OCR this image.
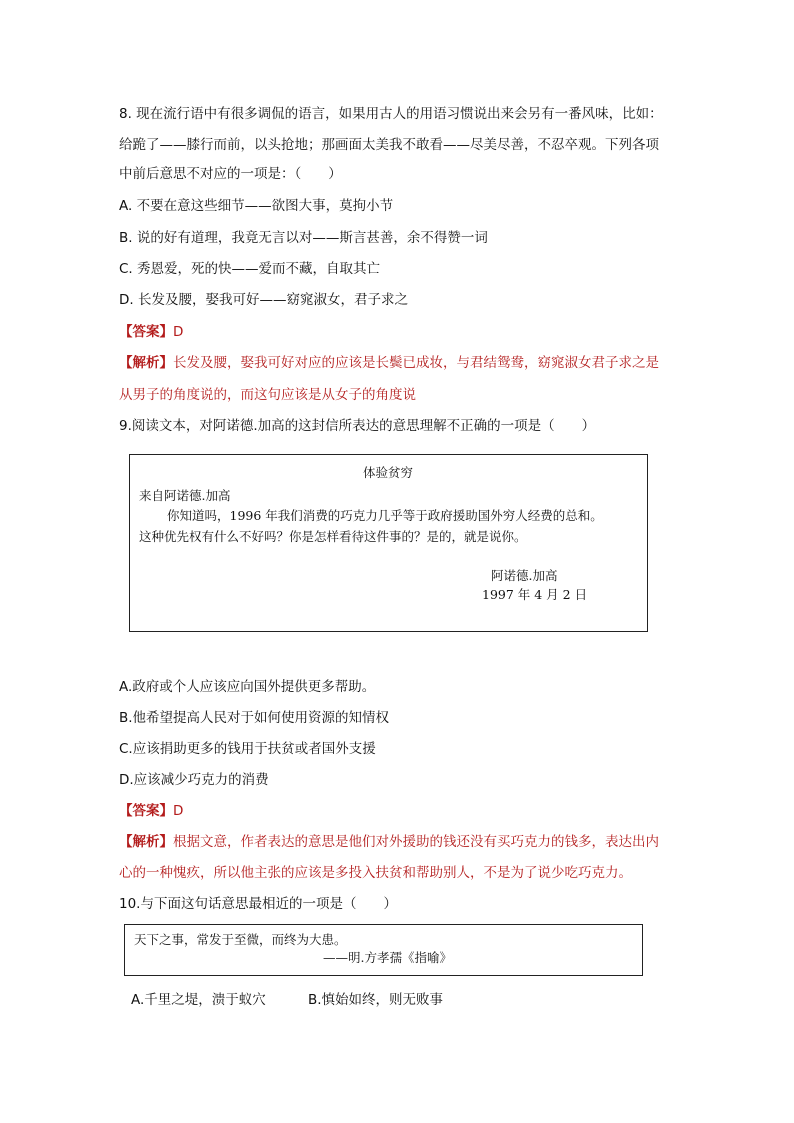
8. 现在流行语中有很多调侃的语言，如果用古人的用语习惯说出来会另有一番风味，比如：
给跪了——膝行而前，以头抢地；那画面太美我不敢看——尽美尽善，不忍卒观。下列各项
中前后意思不对应的一项是：（　　）
A. 不要在意这些细节——欲图大事，莫拘小节
B. 说的好有道理，我竟无言以对——斯言甚善，余不得赞一词
C. 秀恩爱，死的快——爱而不藏，自取其亡
D. 长发及腰，娶我可好——窈窕淑女，君子求之
【答案】D
【解析】长发及腰，娶我可好对应的应该是长鬓已成妆，与君结鸳鸯，窈窕淑女君子求之是
从男子的角度说的，而这句应该是从女子的角度说
9.阅读文本，对阿诺德.加高的这封信所表达的意思理解不正确的一项是（　　）
体验贫穷
来自阿诺德.加高
你知道吗，1996 年我们消费的巧克力几乎等于政府援助国外穷人经费的总和。
这种优先权有什么不好吗？你是怎样看待这件事的？是的，就是说你。
阿诺德.加高
1997 年 4 月 2 日
A.政府或个人应该应向国外提供更多帮助。
B.他希望提高人民对于如何使用资源的知情权
C.应该捐助更多的钱用于扶贫或者国外支援
D.应该减少巧克力的消费
【答案】D
【解析】根据文意，作者表达的意思是他们对外援助的钱还没有买巧克力的钱多，表达出内
心的一种愧疚，所以他主张的应该是多投入扶贫和帮助别人，不是为了说少吃巧克力。
10.与下面这句话意思最相近的一项是（　　）
天下之事，常发于至微，而终为大患。
——明.方孝孺《指喻》
A.千里之堤，溃于蚁穴	B.慎始如终，则无败事
